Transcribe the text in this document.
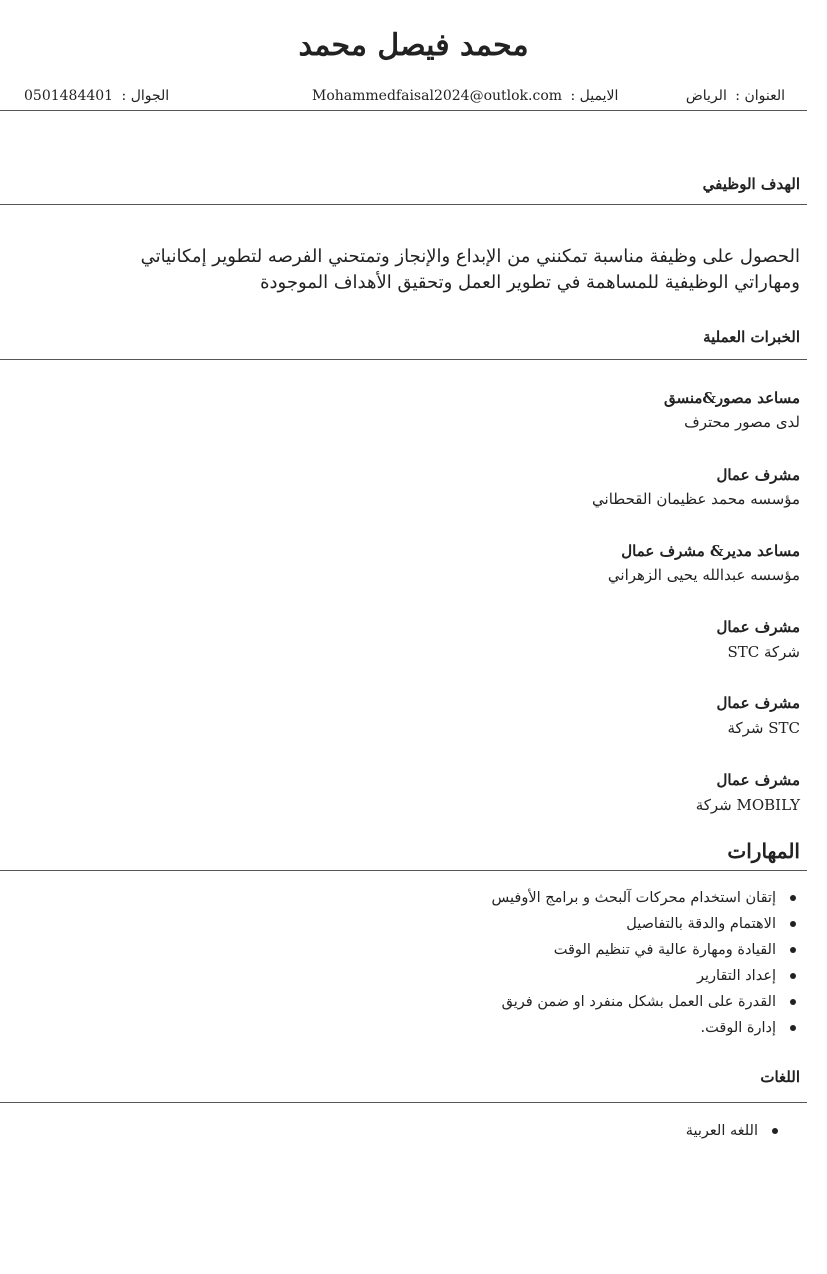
محمد فيصل محمد
العنوان : الرياض
الايميل : Mohammedfaisal2024@outlok.com
الجوال : 0501484401
الهدف الوظيفي
الحصول على وظيفة مناسبة تمكنني من الإبداع والإنجاز وتمتحني الفرصه لتطوير إمكانياتي
ومهاراتي الوظيفية للمساهمة في تطوير العمل وتحقيق الأهداف الموجودة
الخبرات العملية
مساعد مصور&منسق
لدى مصور محترف
مشرف عمال
مؤسسه محمد عظيمان القحطاني
مساعد مدير& مشرف عمال
مؤسسه عبدالله يحيى الزهراني
مشرف عمال
شركة STC
مشرف عمال
STC شركة
مشرف عمال
MOBILY شركة
المهارات
إتقان استخدام محركات آلبحث و برامج الأوفيس
الاهتمام والدقة بالتفاصيل
القيادة ومهارة عالية في تنظيم الوقت
إعداد التقارير
القدرة على العمل بشكل منفرد او ضمن فريق
إدارة الوقت.
اللغات
اللغه العربية
